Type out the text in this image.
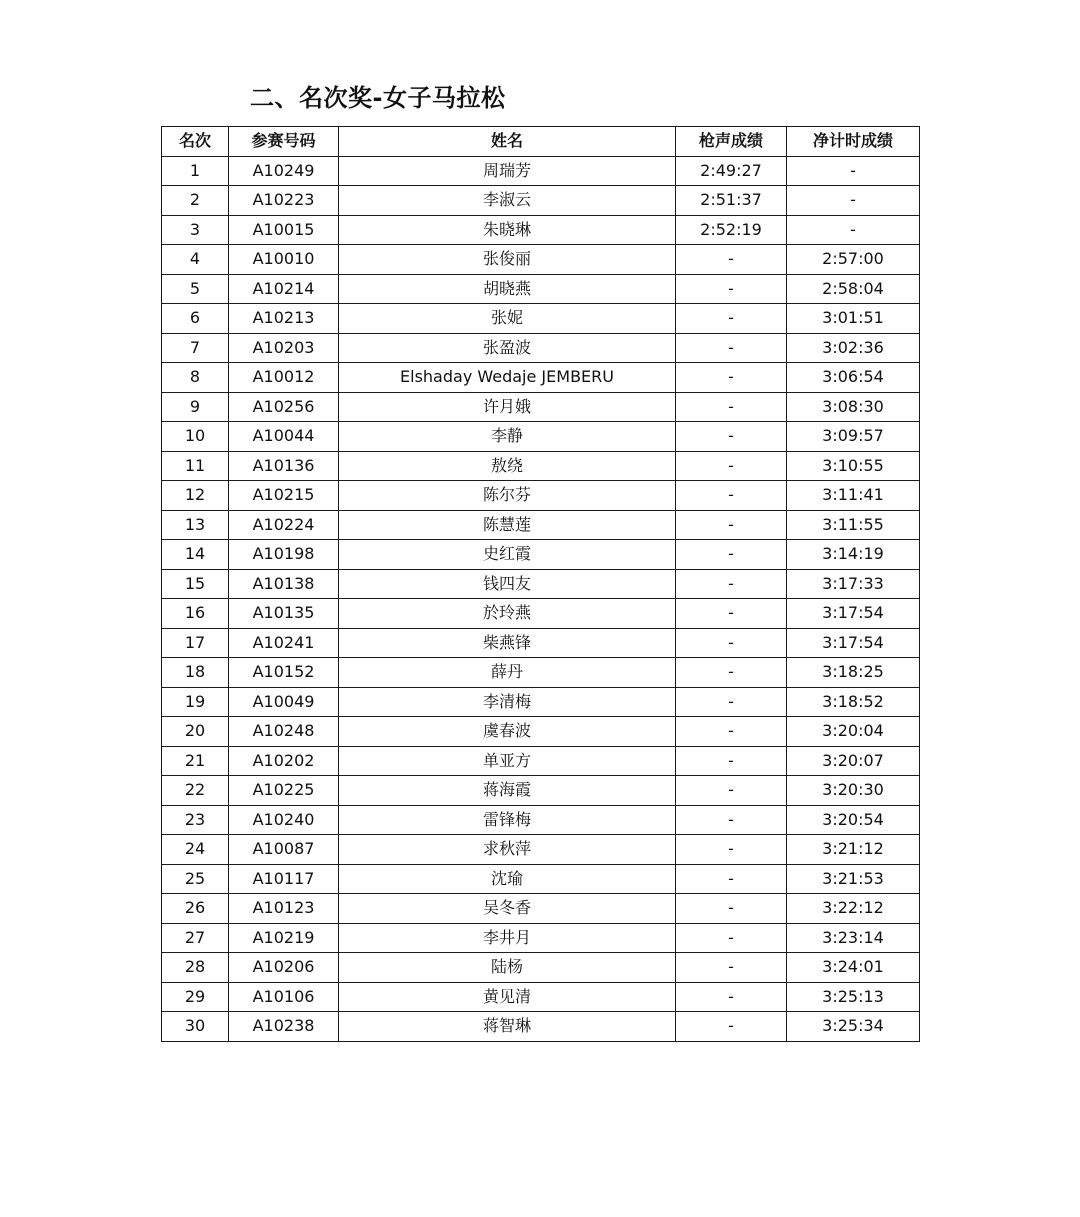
二、名次奖-女子马拉松
名次	参赛号码	姓名	枪声成绩	净计时成绩
1	A10249	周瑞芳	2:49:27	-
2	A10223	李淑云	2:51:37	-
3	A10015	朱晓琳	2:52:19	-
4	A10010	张俊丽	-	2:57:00
5	A10214	胡晓燕	-	2:58:04
6	A10213	张妮	-	3:01:51
7	A10203	张盈波	-	3:02:36
8	A10012	Elshaday Wedaje JEMBERU	-	3:06:54
9	A10256	许月娥	-	3:08:30
10	A10044	李静	-	3:09:57
11	A10136	敖绕	-	3:10:55
12	A10215	陈尔芬	-	3:11:41
13	A10224	陈慧莲	-	3:11:55
14	A10198	史红霞	-	3:14:19
15	A10138	钱四友	-	3:17:33
16	A10135	於玲燕	-	3:17:54
17	A10241	柴燕锋	-	3:17:54
18	A10152	薛丹	-	3:18:25
19	A10049	李清梅	-	3:18:52
20	A10248	虞春波	-	3:20:04
21	A10202	单亚方	-	3:20:07
22	A10225	蒋海霞	-	3:20:30
23	A10240	雷锋梅	-	3:20:54
24	A10087	求秋萍	-	3:21:12
25	A10117	沈瑜	-	3:21:53
26	A10123	吴冬香	-	3:22:12
27	A10219	李井月	-	3:23:14
28	A10206	陆杨	-	3:24:01
29	A10106	黄见清	-	3:25:13
30	A10238	蒋智琳	-	3:25:34
